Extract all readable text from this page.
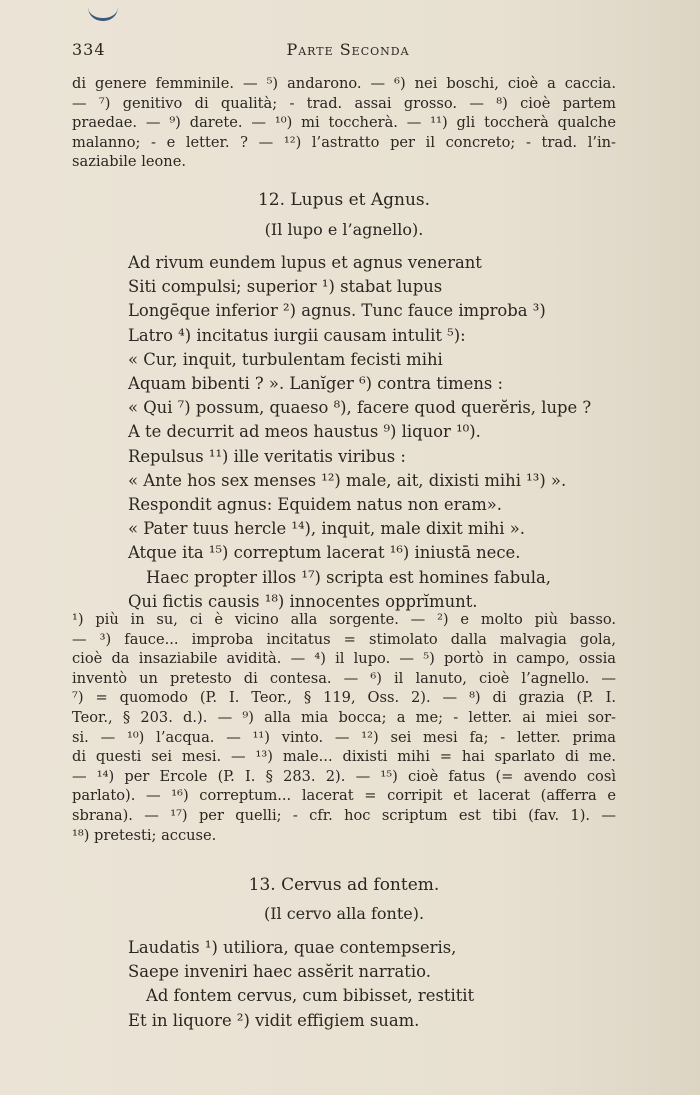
334	Parte Seconda
di genere femminile. — ⁵) andarono. — ⁶) nei boschi, cioè a caccia.
— ⁷) genitivo di qualità; - trad. assai grosso. — ⁸) cioè partem
praedae. — ⁹) darete. — ¹⁰) mi toccherà. — ¹¹) gli toccherà qualche
malanno; - e letter. ? — ¹²) l’astratto per il concreto; - trad. l’in-
saziabile leone.
12. Lupus et Agnus.
(Il lupo e l’agnello).
Ad rivum eundem lupus et agnus venerant
Siti compulsi; superior ¹) stabat lupus
Longēque inferior ²) agnus. Tunc fauce improba ³)
Latro ⁴) incitatus iurgii causam intulit ⁵):
« Cur, inquit, turbulentam fecisti mihi
Aquam bibenti ? ». Lanĭger ⁶) contra timens :
« Qui ⁷) possum, quaeso ⁸), facere quod querĕris, lupe ?
A te decurrit ad meos haustus ⁹) liquor ¹⁰).
Repulsus ¹¹) ille veritatis viribus :
« Ante hos sex menses ¹²) male, ait, dixisti mihi ¹³) ».
Respondit agnus: Equidem natus non eram».
« Pater tuus hercle ¹⁴), inquit, male dixit mihi ».
Atque ita ¹⁵) correptum lacerat ¹⁶) iniustā nece.
Haec propter illos ¹⁷) scripta est homines fabula,
Qui fictis causis ¹⁸) innocentes opprĭmunt.
¹) più in su, ci è vicino alla sorgente. — ²) e molto più basso.
— ³) fauce... improba incitatus = stimolato dalla malvagia gola,
cioè da insaziabile avidità. — ⁴) il lupo. — ⁵) portò in campo, ossia
inventò un pretesto di contesa. — ⁶) il lanuto, cioè l’agnello. —
⁷) = quomodo (P. I. Teor., § 119, Oss. 2). — ⁸) di grazia (P. I.
Teor., § 203. d.). — ⁹) alla mia bocca; a me; - letter. ai miei sor-
si. — ¹⁰) l’acqua. — ¹¹) vinto. — ¹²) sei mesi fa; - letter. prima
di questi sei mesi. — ¹³) male... dixisti mihi = hai sparlato di me.
— ¹⁴) per Ercole (P. I. § 283. 2). — ¹⁵) cioè fatus (= avendo così
parlato). — ¹⁶) correptum... lacerat = corripit et lacerat (afferra e
sbrana). — ¹⁷) per quelli; - cfr. hoc scriptum est tibi (fav. 1). —
¹⁸) pretesti; accuse.
13. Cervus ad fontem.
(Il cervo alla fonte).
Laudatis ¹) utiliora, quae contempseris,
Saepe inveniri haec assĕrit narratio.
Ad fontem cervus, cum bibisset, restitit
Et in liquore ²) vidit effigiem suam.
